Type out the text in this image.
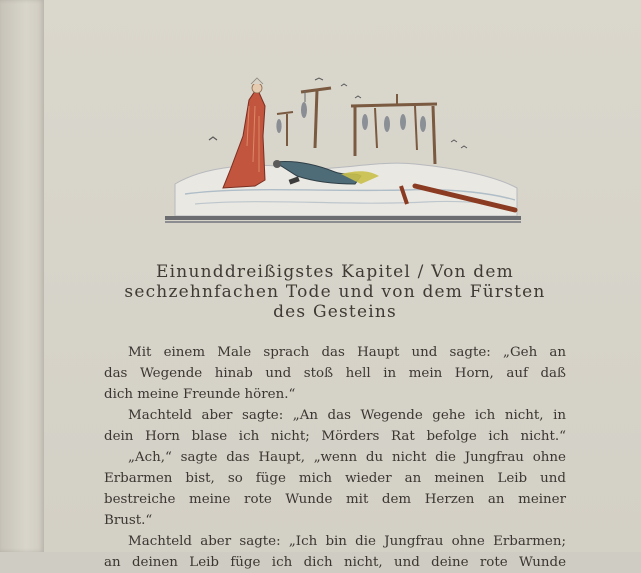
Einunddreißigstes Kapitel / Von dem
sechzehnfachen Tode und von dem Fürsten
des Gesteins

Mit einem Male sprach das Haupt und sagte: „Geh an
das Wegende hinab und stoß hell in mein Horn, auf daß
dich meine Freunde hören.“

Machteld aber sagte: „An das Wegende gehe ich nicht, in
dein Horn blase ich nicht; Mörders Rat befolge ich nicht.“

„Ach,“ sagte das Haupt, „wenn du nicht die Jungfrau ohne
Erbarmen bist, so füge mich wieder an meinen Leib und
bestreiche meine rote Wunde mit dem Herzen an meiner
Brust.“

Machteld aber sagte: „Ich bin die Jungfrau ohne Erbarmen;
an deinen Leib füge ich dich nicht, und deine rote Wunde
